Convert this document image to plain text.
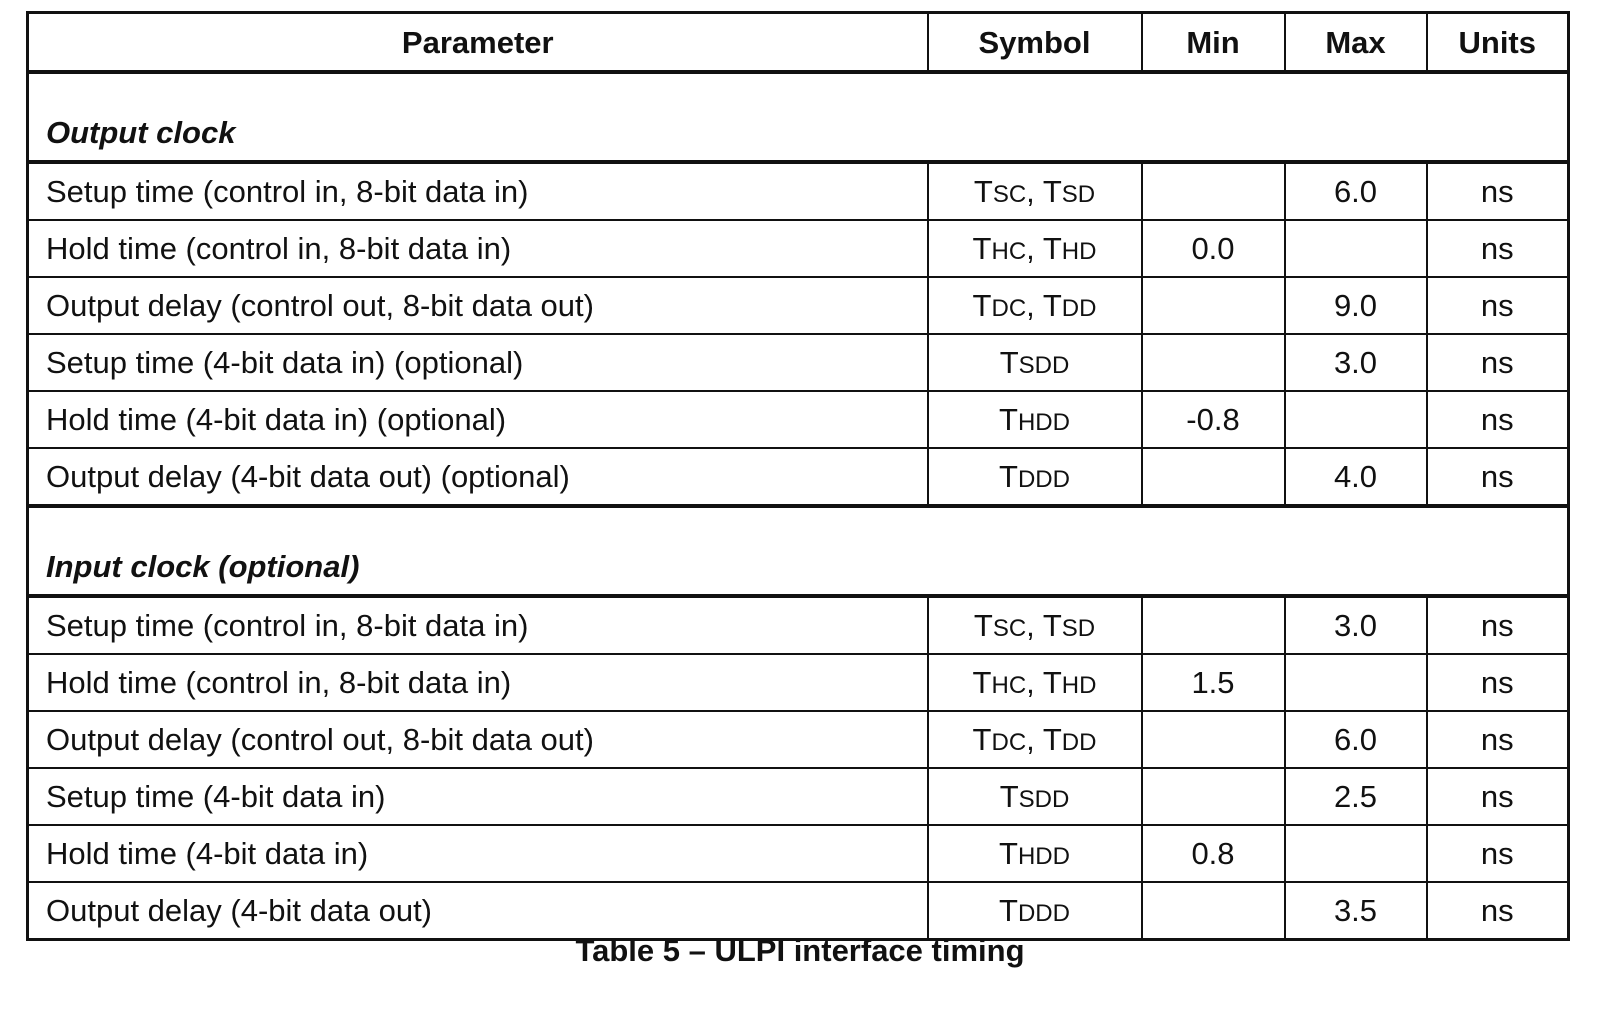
Parameter	Symbol	Min	Max	Units
Output clock				
Setup time (control in, 8-bit data in)	TSC, TSD		6.0	ns
Hold time (control in, 8-bit data in)	THC, THD	0.0		ns
Output delay (control out, 8-bit data out)	TDC, TDD		9.0	ns
Setup time (4-bit data in) (optional)	TSDD		3.0	ns
Hold time (4-bit data in) (optional)	THDD	-0.8		ns
Output delay (4-bit data out) (optional)	TDDD		4.0	ns
Input clock (optional)				
Setup time (control in, 8-bit data in)	TSC, TSD		3.0	ns
Hold time (control in, 8-bit data in)	THC, THD	1.5		ns
Output delay (control out, 8-bit data out)	TDC, TDD		6.0	ns
Setup time (4-bit data in)	TSDD		2.5	ns
Hold time (4-bit data in)	THDD	0.8		ns
Output delay (4-bit data out)	TDDD		3.5	ns
Table 5 – ULPI interface timing
